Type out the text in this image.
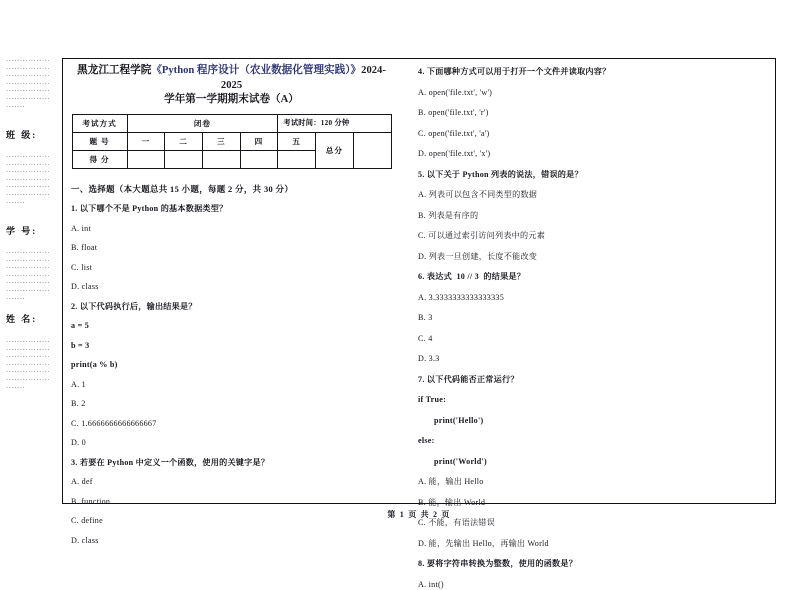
·······································································································
班 级:
·······································································································
学 号:
·······································································································
姓 名:
·······································································································
黑龙江工程学院《Python 程序设计（农业数据化管理实践）》2024-2025
学年第一学期期末试卷（A）
考试方式	闭卷				考试时间：120 分钟		
题 号	一	二	三	四	五	总分	
得 分							
一、选择题（本大题总共 15 小题，每题 2 分，共 30 分）
1. 以下哪个不是 Python 的基本数据类型？
A. int
B. float
C. list
D. class
2. 以下代码执行后，输出结果是？
a = 5
b = 3
print(a % b)
A. 1
B. 2
C. 1.6666666666666667
D. 0
3. 若要在 Python 中定义一个函数，使用的关键字是？
A. def
B. function
C. define
D. class
4. 下面哪种方式可以用于打开一个文件并读取内容？
A. open('file.txt', 'w')
B. open('file.txt', 'r')
C. open('file.txt', 'a')
D. open('file.txt', 'x')
5. 以下关于 Python 列表的说法，错误的是？
A. 列表可以包含不同类型的数据
B. 列表是有序的
C. 可以通过索引访问列表中的元素
D. 列表一旦创建，长度不能改变
6. 表达式  10 // 3  的结果是？
A. 3.3333333333333335
B. 3
C. 4
D. 3.3
7. 以下代码能否正常运行？
if True:
print('Hello')
else:
print('World')
A. 能，输出 Hello
B. 能，输出 World
C. 不能，有语法错误
D. 能，先输出 Hello，再输出 World
8. 要将字符串转换为整数，使用的函数是？
A. int()
第 1 页 共 2 页
